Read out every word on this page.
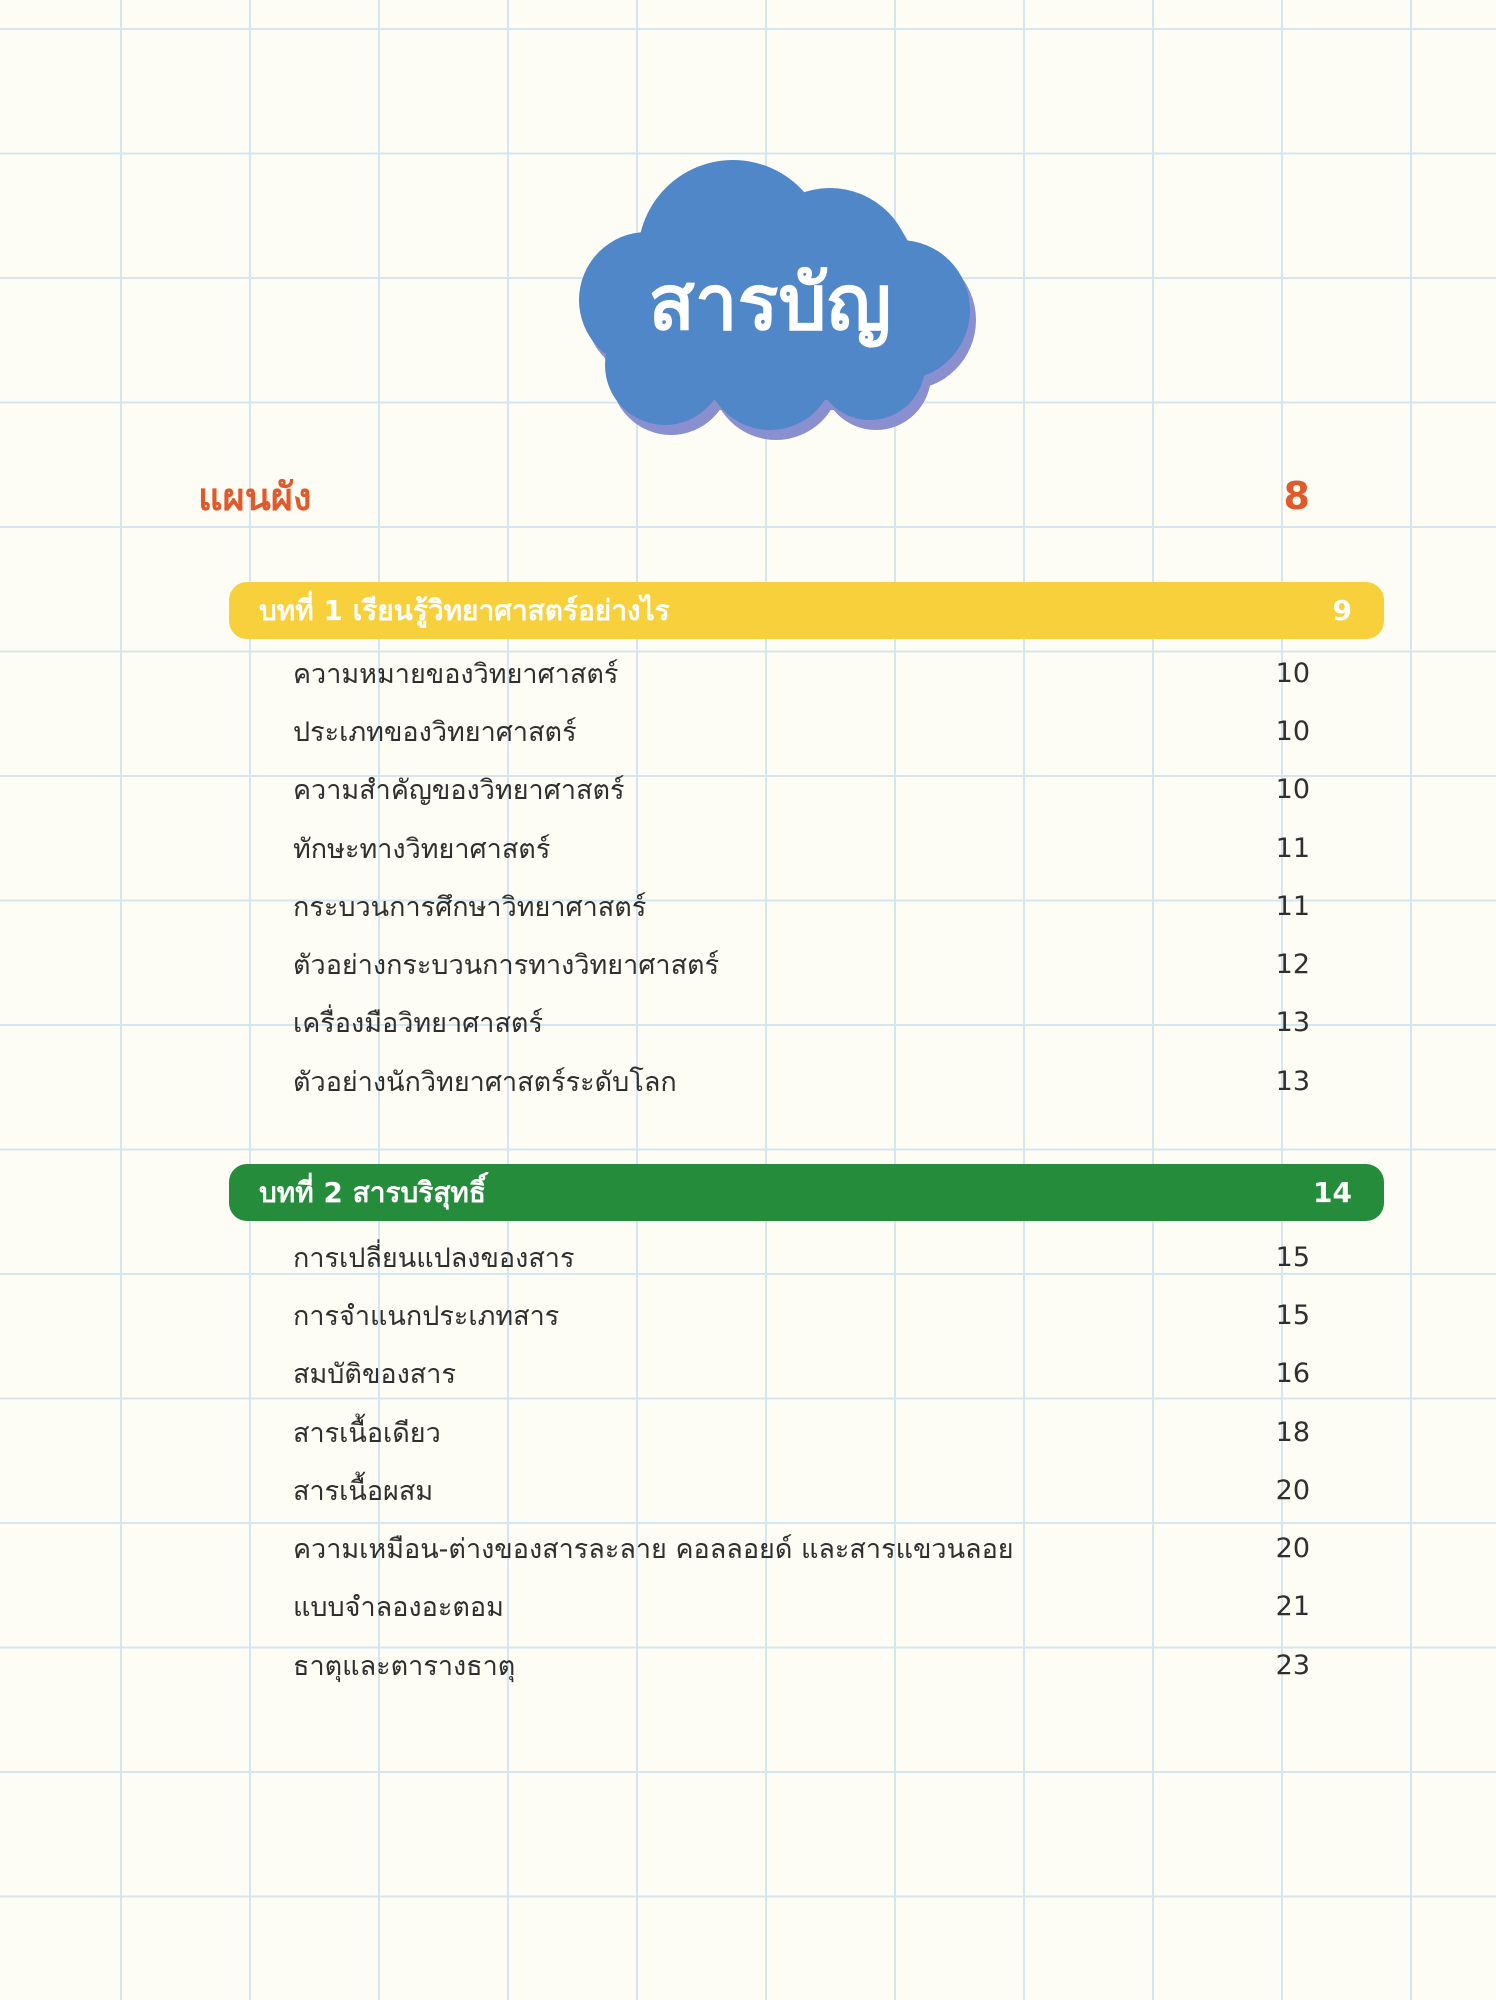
สารบัญ
แผนผัง	8
บทที่ 1 เรียนรู้วิทยาศาสตร์อย่างไร	9
ความหมายของวิทยาศาสตร์	10
ประเภทของวิทยาศาสตร์	10
ความสำคัญของวิทยาศาสตร์	10
ทักษะทางวิทยาศาสตร์	11
กระบวนการศึกษาวิทยาศาสตร์	11
ตัวอย่างกระบวนการทางวิทยาศาสตร์	12
เครื่องมือวิทยาศาสตร์	13
ตัวอย่างนักวิทยาศาสตร์ระดับโลก	13
บทที่ 2 สารบริสุทธิ์	14
การเปลี่ยนแปลงของสาร	15
การจำแนกประเภทสาร	15
สมบัติของสาร	16
สารเนื้อเดียว	18
สารเนื้อผสม	20
ความเหมือน-ต่างของสารละลาย คอลลอยด์ และสารแขวนลอย	20
แบบจำลองอะตอม	21
ธาตุและตารางธาตุ	23
